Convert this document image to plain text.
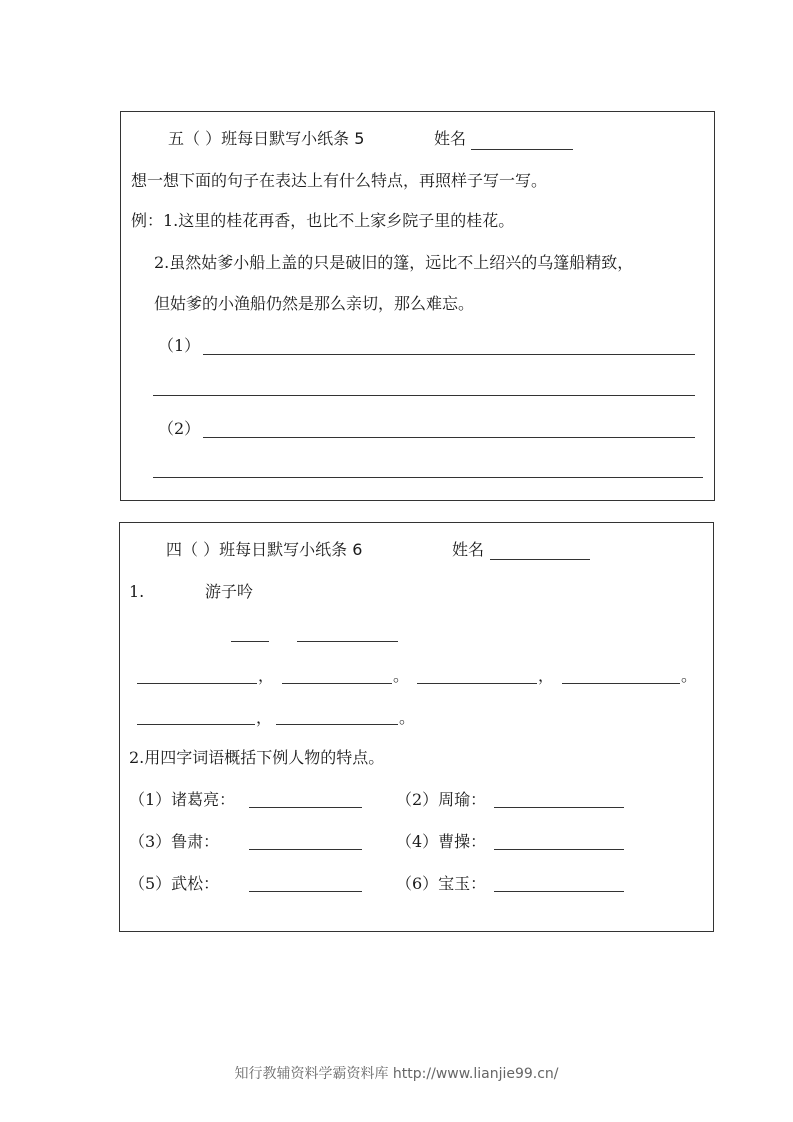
五（ ）班每日默写小纸条 5	姓名
想一想下面的句子在表达上有什么特点，再照样子写一写。
例：1.这里的桂花再香，也比不上家乡院子里的桂花。
2.虽然姑爹小船上盖的只是破旧的篷，远比不上绍兴的乌篷船精致，
但姑爹的小渔船仍然是那么亲切，那么难忘。
（1）
（2）
四（ ）班每日默写小纸条 6	姓名
1.	游子吟
，	。	，	。
，	。
2.用四字词语概括下例人物的特点。
（1）诸葛亮：	（2）周瑜：
（3）鲁肃：	（4）曹操：
（5）武松：	（6）宝玉：
知行教辅资料学霸资料库 http://www.lianjie99.cn/
